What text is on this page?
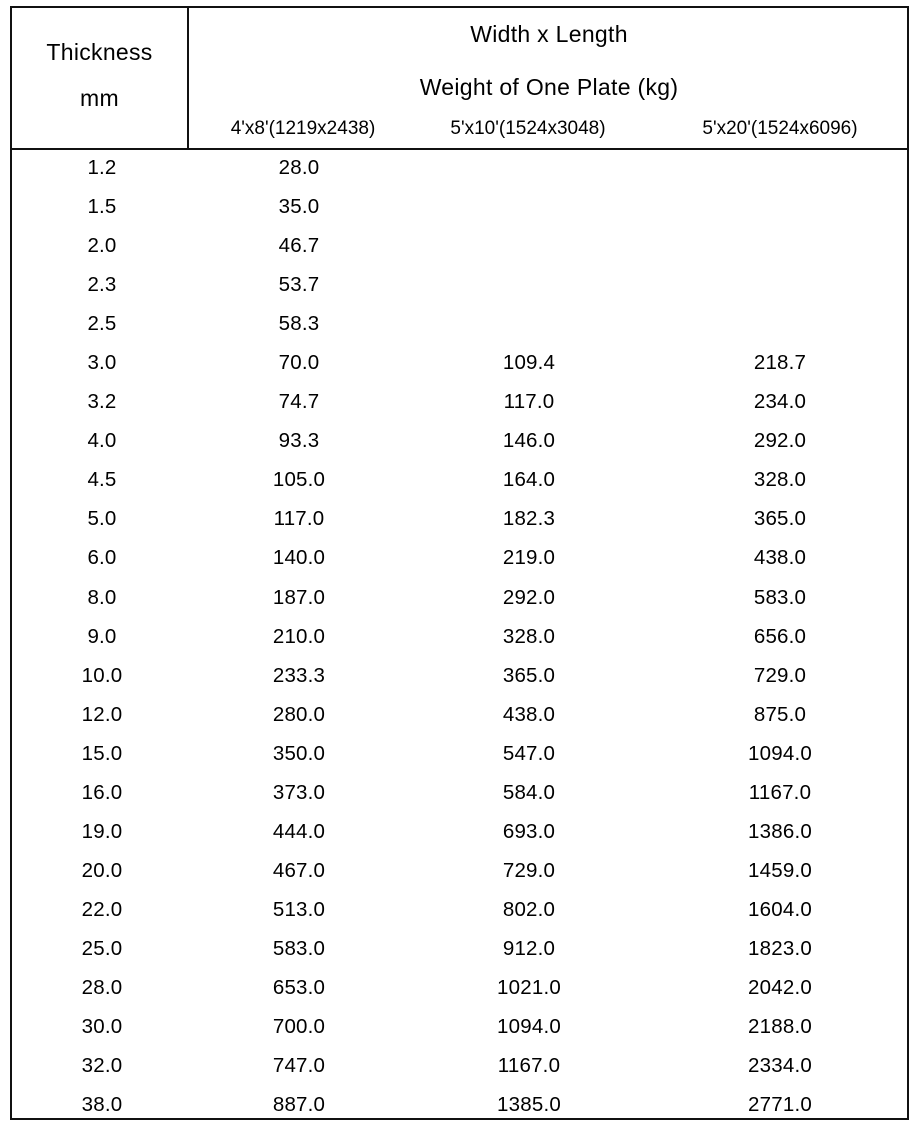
Thickness
mm
Width x Length
Weight of One Plate (kg)
4'x8'(1219x2438)	5'x10'(1524x3048)	5'x20'(1524x6096)
1.2	28.0
1.5	35.0
2.0	46.7
2.3	53.7
2.5	58.3
3.0	70.0	109.4	218.7
3.2	74.7	117.0	234.0
4.0	93.3	146.0	292.0
4.5	105.0	164.0	328.0
5.0	117.0	182.3	365.0
6.0	140.0	219.0	438.0
8.0	187.0	292.0	583.0
9.0	210.0	328.0	656.0
10.0	233.3	365.0	729.0
12.0	280.0	438.0	875.0
15.0	350.0	547.0	1094.0
16.0	373.0	584.0	1167.0
19.0	444.0	693.0	1386.0
20.0	467.0	729.0	1459.0
22.0	513.0	802.0	1604.0
25.0	583.0	912.0	1823.0
28.0	653.0	1021.0	2042.0
30.0	700.0	1094.0	2188.0
32.0	747.0	1167.0	2334.0
38.0	887.0	1385.0	2771.0
